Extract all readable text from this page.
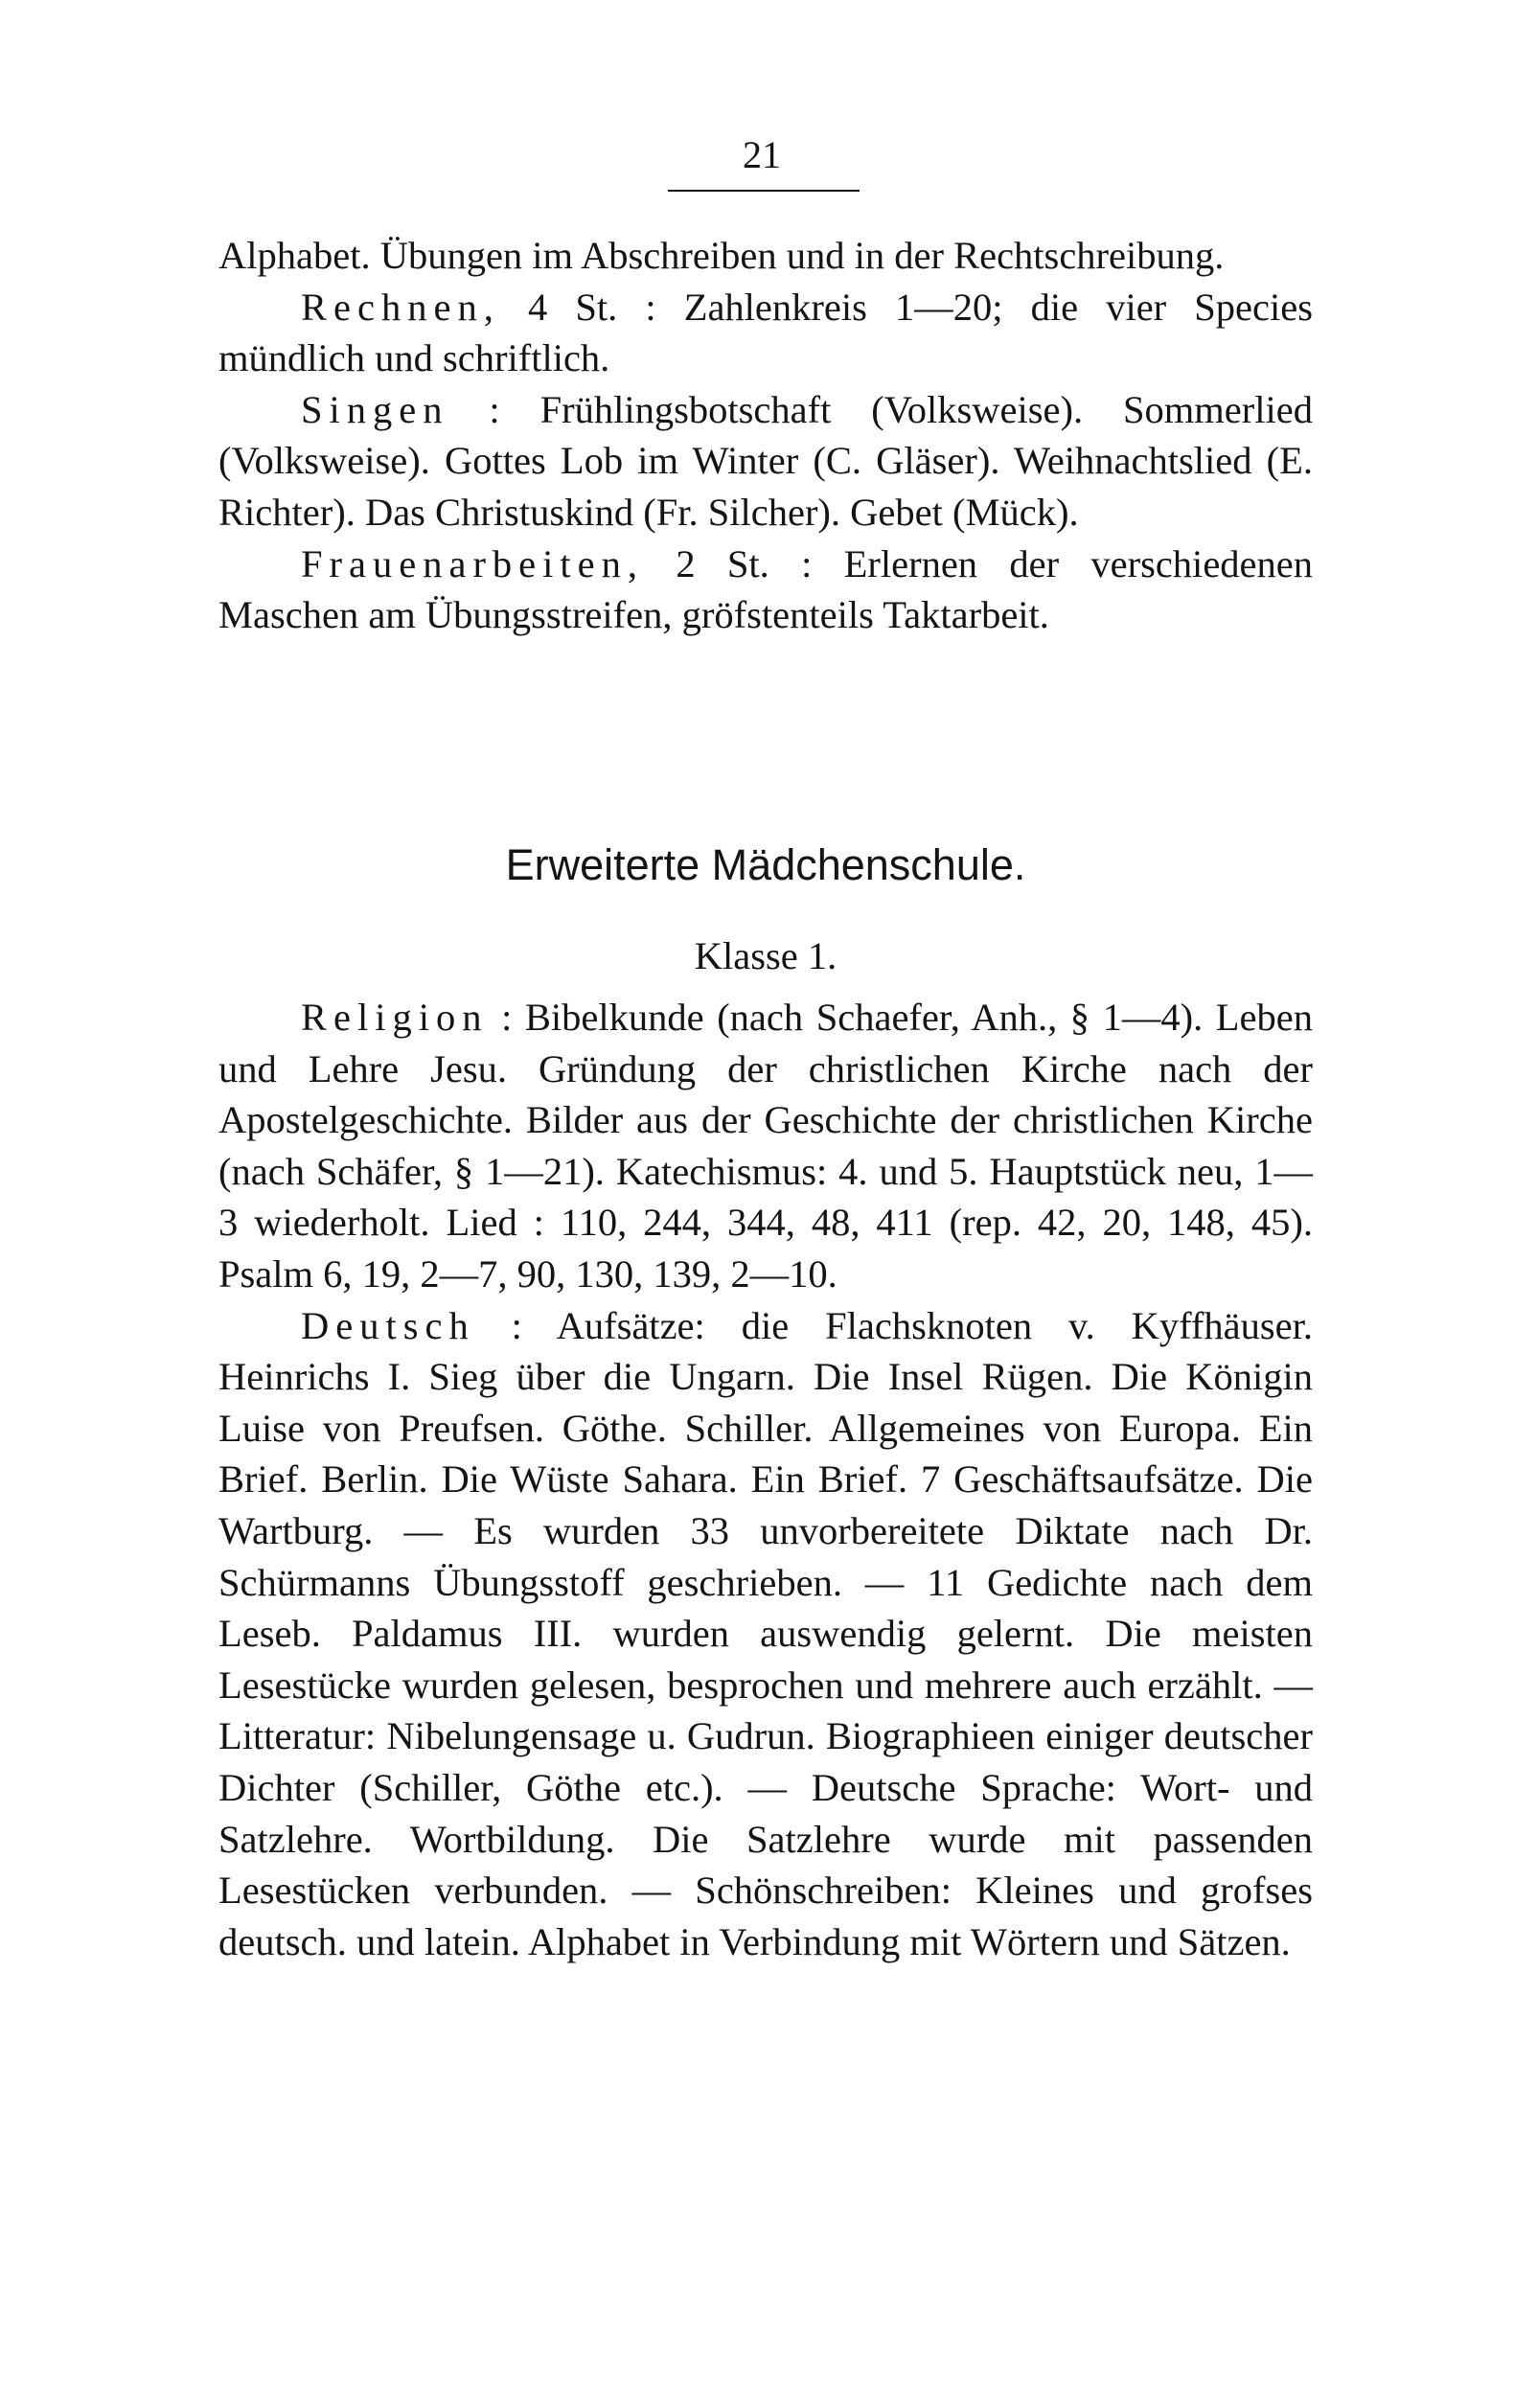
21

Alphabet. Übungen im Abschreiben und in der Rechtschreibung.

Rechnen, 4 St. : Zahlenkreis 1—20; die vier Species mündlich und schriftlich.

Singen : Frühlingsbotschaft (Volksweise). Sommerlied (Volksweise). Gottes Lob im Winter (C. Gläser). Weihnachtslied (E. Richter). Das Christuskind (Fr. Silcher). Gebet (Mück).

Frauenarbeiten, 2 St. : Erlernen der verschiedenen Maschen am Übungsstreifen, gröfstenteils Taktarbeit.

Erweiterte Mädchenschule.
Klasse 1.

Religion : Bibelkunde (nach Schaefer, Anh., § 1—4). Leben und Lehre Jesu. Gründung der christlichen Kirche nach der Apostelgeschichte. Bilder aus der Geschichte der christlichen Kirche (nach Schäfer, § 1—21). Katechismus: 4. und 5. Hauptstück neu, 1—3 wiederholt. Lied : 110, 244, 344, 48, 411 (rep. 42, 20, 148, 45). Psalm 6, 19, 2—7, 90, 130, 139, 2—10.

Deutsch : Aufsätze: die Flachsknoten v. Kyffhäuser. Heinrichs I. Sieg über die Ungarn. Die Insel Rügen. Die Königin Luise von Preufsen. Göthe. Schiller. Allgemeines von Europa. Ein Brief. Berlin. Die Wüste Sahara. Ein Brief. 7 Geschäftsaufsätze. Die Wartburg. — Es wurden 33 unvorbereitete Diktate nach Dr. Schürmanns Übungsstoff geschrieben. — 11 Gedichte nach dem Leseb. Paldamus III. wurden auswendig gelernt. Die meisten Lesestücke wurden gelesen, besprochen und mehrere auch erzählt. — Litteratur: Nibelungensage u. Gudrun. Biographieen einiger deutscher Dichter (Schiller, Göthe etc.). — Deutsche Sprache: Wort- und Satzlehre. Wortbildung. Die Satzlehre wurde mit passenden Lesestücken verbunden. — Schönschreiben: Kleines und grofses deutsch. und latein. Alphabet in Verbindung mit Wörtern und Sätzen.
